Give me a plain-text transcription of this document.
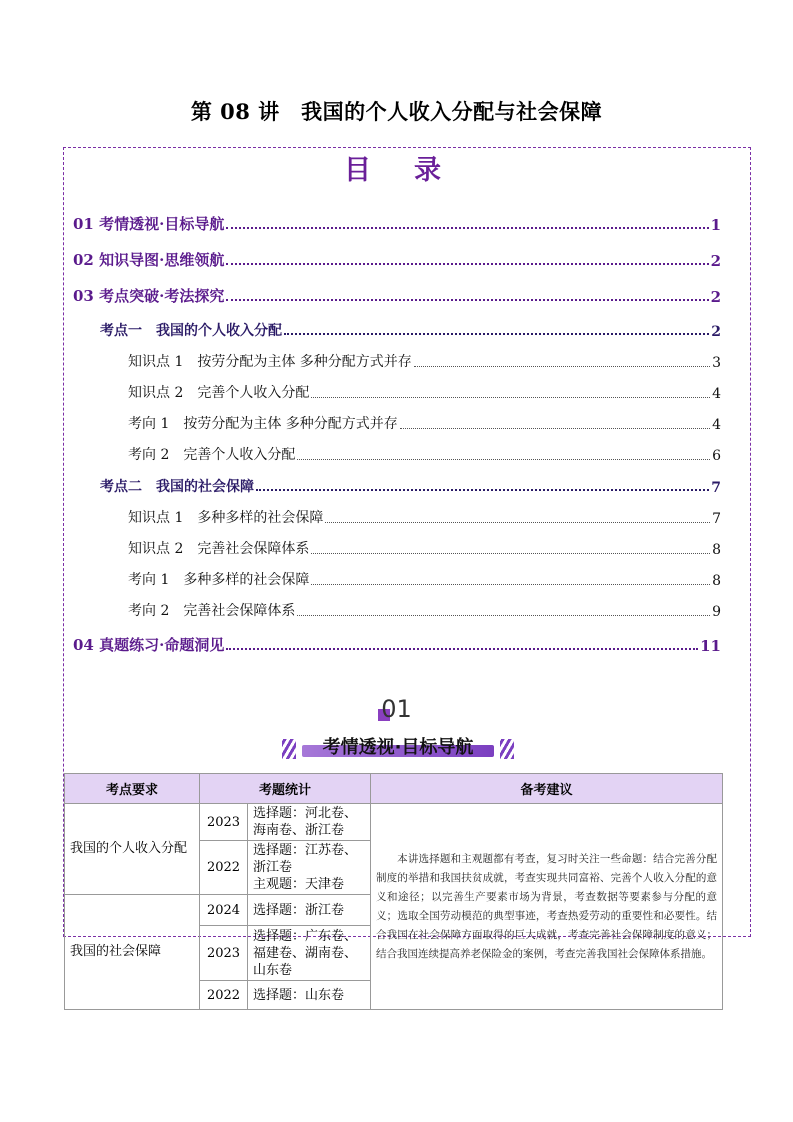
第 08 讲　我国的个人收入分配与社会保障
目　录
01 考情透视·目标导航	1
02 知识导图·思维领航	2
03 考点突破·考法探究	2
考点一　我国的个人收入分配	2
知识点 1　按劳分配为主体 多种分配方式并存	3
知识点 2　完善个人收入分配	4
考向 1　按劳分配为主体 多种分配方式并存	4
考向 2　完善个人收入分配	6
考点二　我国的社会保障	7
知识点 1　多种多样的社会保障	7
知识点 2　完善社会保障体系	8
考向 1　多种多样的社会保障	8
考向 2　完善社会保障体系	9
04 真题练习·命题洞见	11
01
考情透视·目标导航
考点要求	考题统计		备考建议
我国的个人收入分配	2023	选择题：河北卷、海南卷、浙江卷	本讲选择题和主观题都有考查，复习时关注一些命题：结合完善分配制度的举措和我国扶贫成就，考查实现共同富裕、完善个人收入分配的意义和途径；以完善生产要素市场为背景，考查数据等要素参与分配的意义；选取全国劳动模范的典型事迹，考查热爱劳动的重要性和必要性。结合我国在社会保障方面取得的巨大成就，考查完善社会保障制度的意义；结合我国连续提高养老保险金的案例，考查完善我国社会保障体系措施。
	2022	选择题：江苏卷、浙江卷
主观题：天津卷	
我国的社会保障	2024	选择题：浙江卷	
	2023	选择题：广东卷、福建卷、湖南卷、山东卷	
	2022	选择题：山东卷	
